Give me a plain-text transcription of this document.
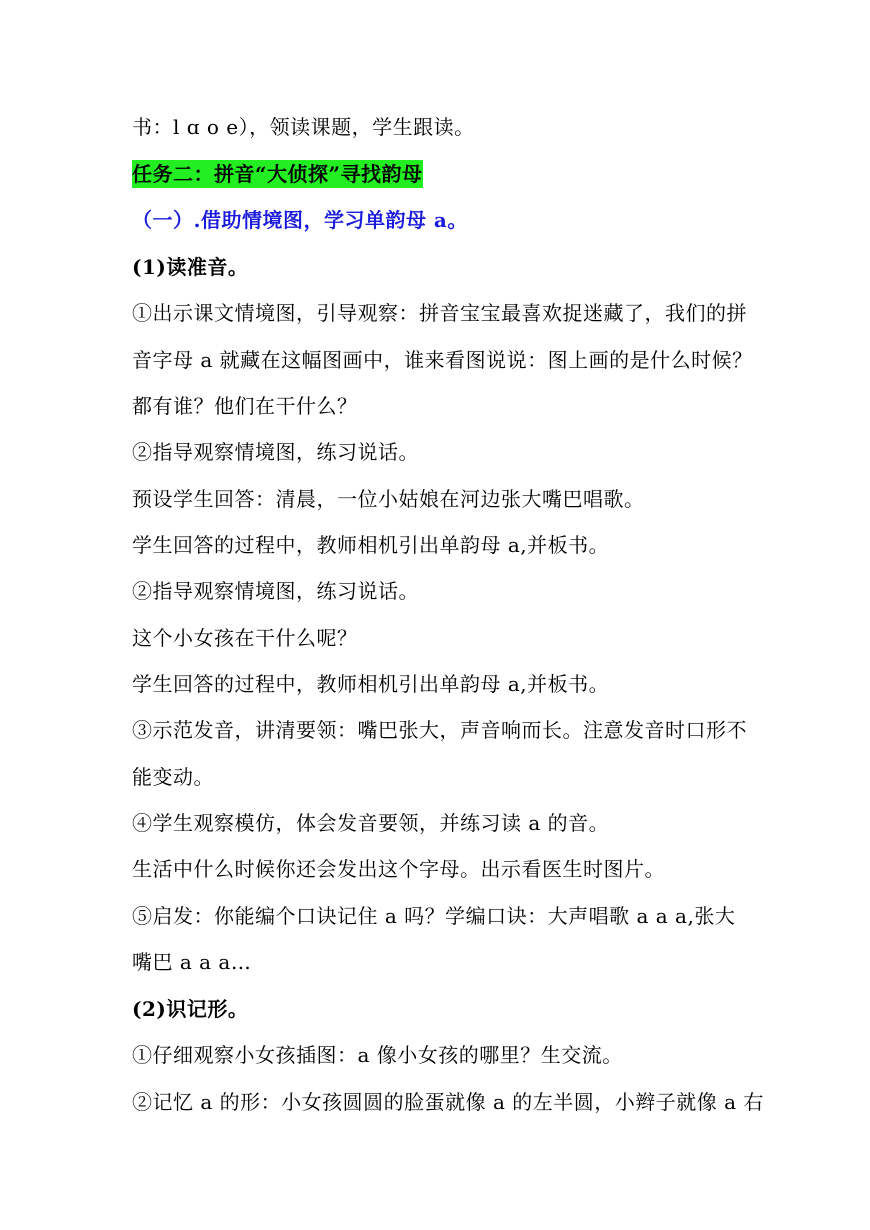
书：l ɑ o e），领读课题，学生跟读。
任务二：拼音“大侦探”寻找韵母
（一）.借助情境图，学习单韵母 a。
(1)读准音。
①出示课文情境图，引导观察：拼音宝宝最喜欢捉迷藏了，我们的拼
音字母 a 就藏在这幅图画中，谁来看图说说：图上画的是什么时候？
都有谁？他们在干什么？
②指导观察情境图，练习说话。
预设学生回答：清晨，一位小姑娘在河边张大嘴巴唱歌。
学生回答的过程中，教师相机引出单韵母 a,并板书。
②指导观察情境图，练习说话。
这个小女孩在干什么呢？
学生回答的过程中，教师相机引出单韵母 a,并板书。
③示范发音，讲清要领：嘴巴张大，声音响而长。注意发音时口形不
能变动。
④学生观察模仿，体会发音要领，并练习读 a 的音。
生活中什么时候你还会发出这个字母。出示看医生时图片。
⑤启发：你能编个口诀记住 a 吗？学编口诀：大声唱歌 a a a,张大
嘴巴 a a a…
(2)识记形。
①仔细观察小女孩插图：a 像小女孩的哪里？生交流。
②记忆 a 的形：小女孩圆圆的脸蛋就像 a 的左半圆，小辫子就像 a 右
